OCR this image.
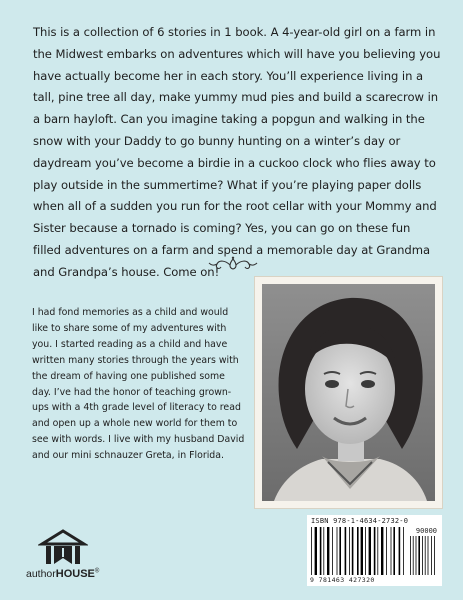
This is a collection of 6 stories in 1 book. A 4-year-old girl on a farm in the Midwest embarks on adventures which will have you believing you have actually become her in each story. You’ll experience living in a tall, pine tree all day, make yummy mud pies and build a scarecrow in a barn hayloft. Can you imagine taking a popgun and walking in the snow with your Daddy to go bunny hunting on a winter’s day or daydream you’ve become a birdie in a cuckoo clock who flies away to play outside in the summertime? What if you’re playing paper dolls when all of a sudden you run for the root cellar with your Mommy and Sister because a tornado is coming? Yes, you can go on these fun filled adventures on a farm and spend a memorable day at Grandma and Grandpa’s house. Come on!

I had fond memories as a child and would like to share some of my adventures with you. I started reading as a child and have written many stories through the years with the dream of having one published some day. I’ve had the honor of teaching grown-ups with a 4th grade level of literacy to read and open up a whole new world for them to see with words. I live with my husband David and our mini schnauzer Greta, in Florida.

ISBN 978-1-4634-2732-0
90000
9 781463 427320
authorHOUSE®
